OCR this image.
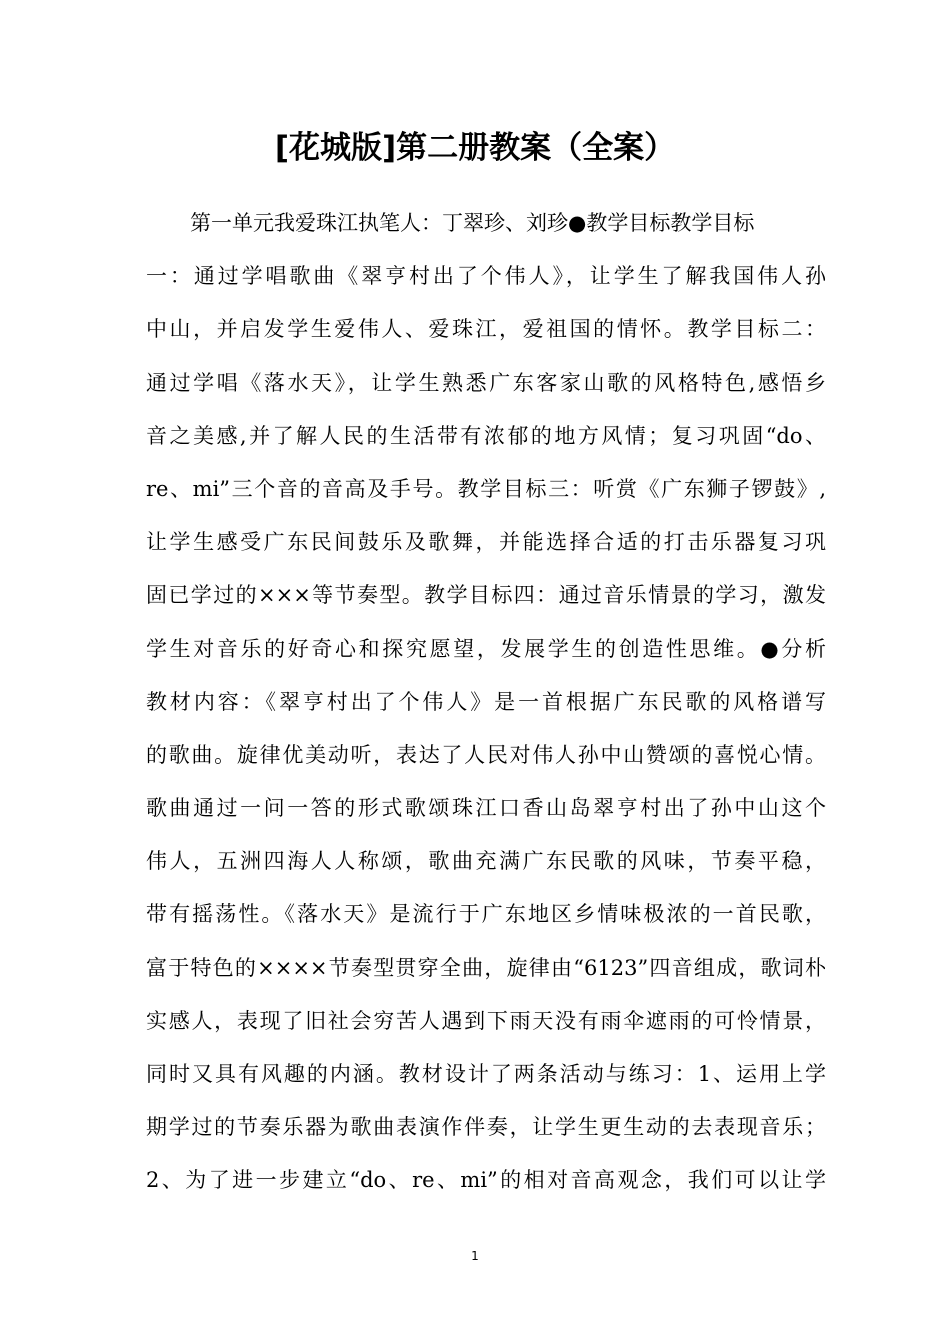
[花城版]第二册教案（全案）
第一单元我爱珠江执笔人：丁翠珍、刘珍●教学目标教学目标
一：通过学唱歌曲《翠亨村出了个伟人》，让学生了解我国伟人孙
中山，并启发学生爱伟人、爱珠江，爱祖国的情怀。教学目标二：
通过学唱《落水天》，让学生熟悉广东客家山歌的风格特色,感悟乡
音之美感,并了解人民的生活带有浓郁的地方风情；复习巩固“do、
re、mi”三个音的音高及手号。教学目标三：听赏《广东狮子锣鼓》,
让学生感受广东民间鼓乐及歌舞，并能选择合适的打击乐器复习巩
固已学过的×××等节奏型。教学目标四：通过音乐情景的学习，激发
学生对音乐的好奇心和探究愿望，发展学生的创造性思维。●分析
教材内容：《翠亨村出了个伟人》是一首根据广东民歌的风格谱写
的歌曲。旋律优美动听，表达了人民对伟人孙中山赞颂的喜悦心情。
歌曲通过一问一答的形式歌颂珠江口香山岛翠亨村出了孙中山这个
伟人，五洲四海人人称颂，歌曲充满广东民歌的风味，节奏平稳，
带有摇荡性。《落水天》是流行于广东地区乡情味极浓的一首民歌，
富于特色的××××节奏型贯穿全曲，旋律由“6123”四音组成，歌词朴
实感人，表现了旧社会穷苦人遇到下雨天没有雨伞遮雨的可怜情景，
同时又具有风趣的内涵。教材设计了两条活动与练习：1、运用上学
期学过的节奏乐器为歌曲表演作伴奏，让学生更生动的去表现音乐；
2、为了进一步建立“do、re、mi”的相对音高观念，我们可以让学
1
